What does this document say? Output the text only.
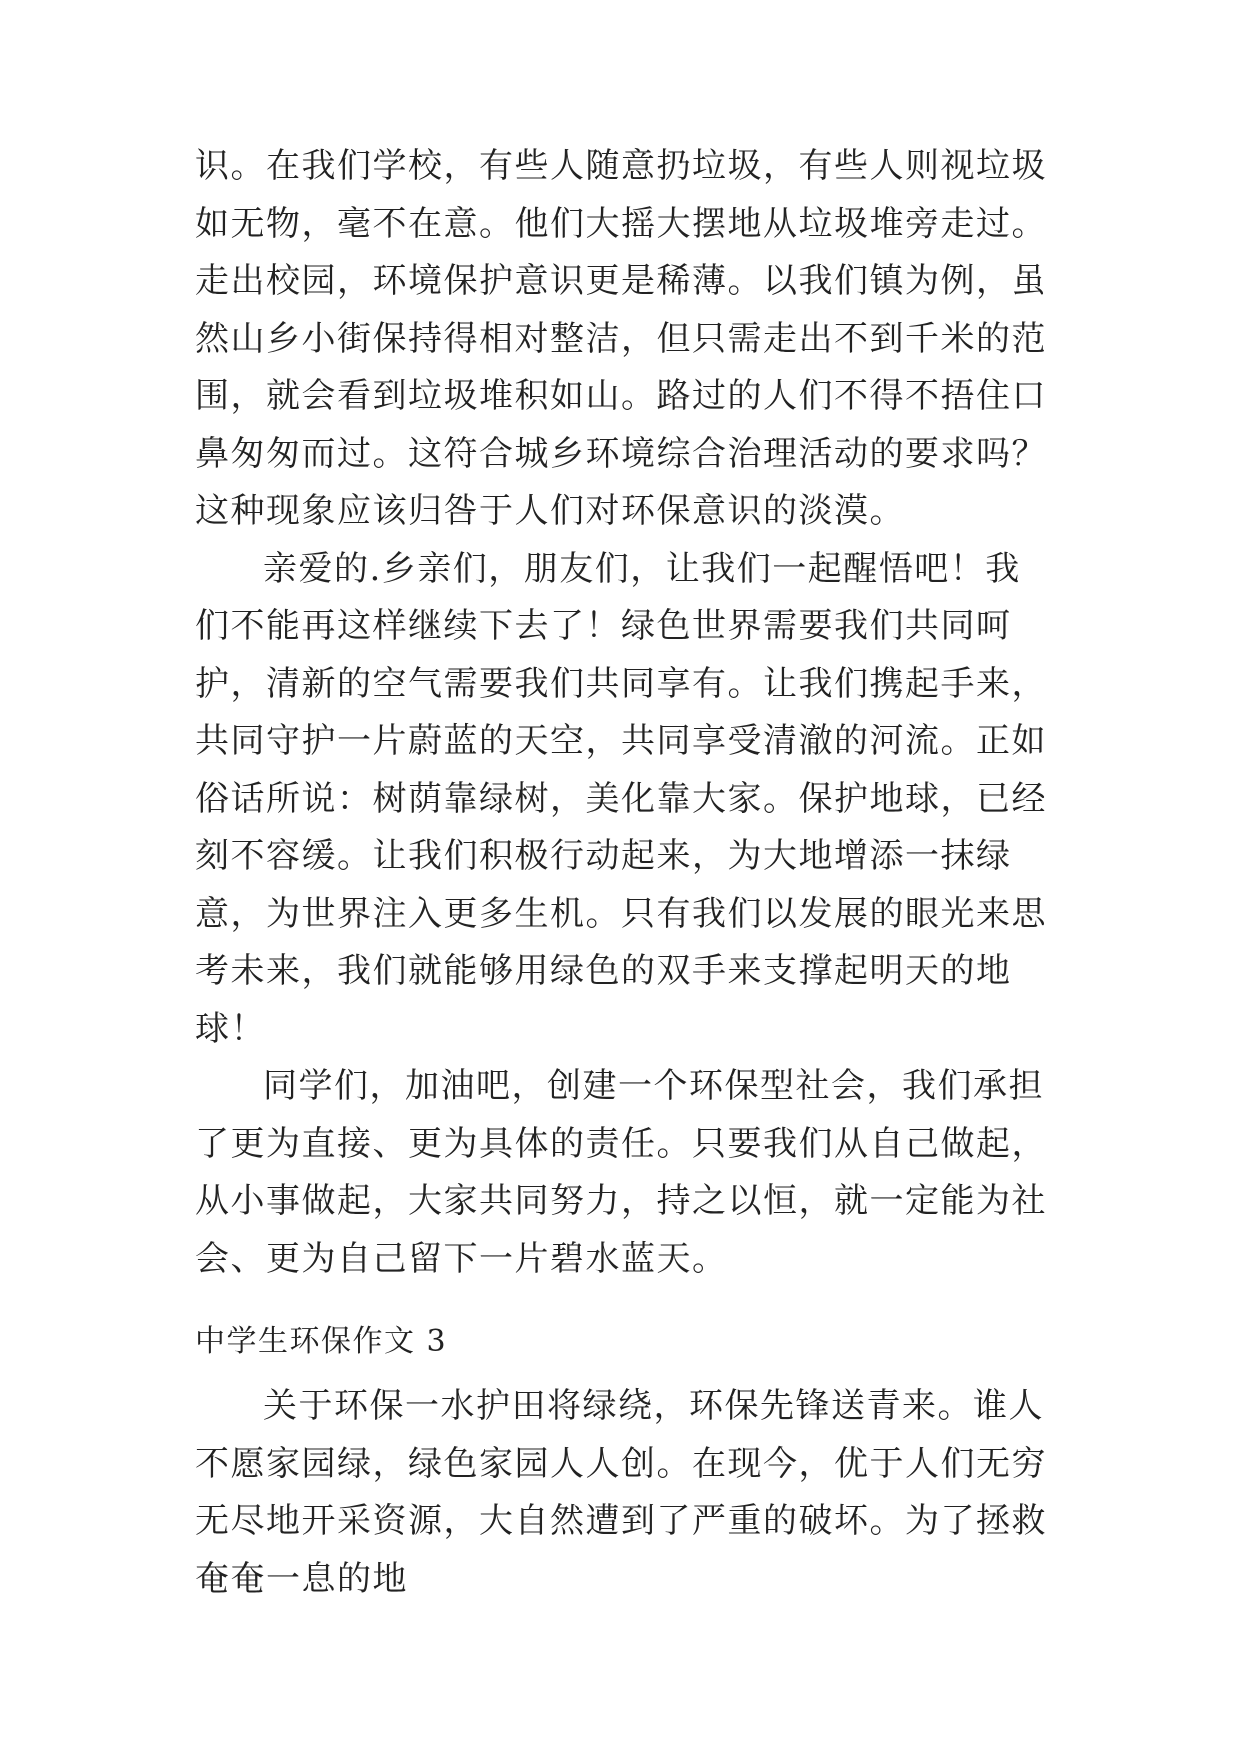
识。在我们学校，有些人随意扔垃圾，有些人则视垃圾如无物，毫不在意。他们大摇大摆地从垃圾堆旁走过。走出校园，环境保护意识更是稀薄。以我们镇为例，虽然山乡小街保持得相对整洁，但只需走出不到千米的范围，就会看到垃圾堆积如山。路过的人们不得不捂住口鼻匆匆而过。这符合城乡环境综合治理活动的要求吗？这种现象应该归咎于人们对环保意识的淡漠。

亲爱的.乡亲们，朋友们，让我们一起醒悟吧！我们不能再这样继续下去了！绿色世界需要我们共同呵护，清新的空气需要我们共同享有。让我们携起手来，共同守护一片蔚蓝的天空，共同享受清澈的河流。正如俗话所说：树荫靠绿树，美化靠大家。保护地球，已经刻不容缓。让我们积极行动起来，为大地增添一抹绿意，为世界注入更多生机。只有我们以发展的眼光来思考未来，我们就能够用绿色的双手来支撑起明天的地球！

同学们，加油吧，创建一个环保型社会，我们承担了更为直接、更为具体的责任。只要我们从自己做起，从小事做起，大家共同努力，持之以恒，就一定能为社会、更为自己留下一片碧水蓝天。

中学生环保作文 3

关于环保一水护田将绿绕，环保先锋送青来。谁人不愿家园绿，绿色家园人人创。在现今，优于人们无穷无尽地开采资源，大自然遭到了严重的破坏。为了拯救奄奄一息的地
